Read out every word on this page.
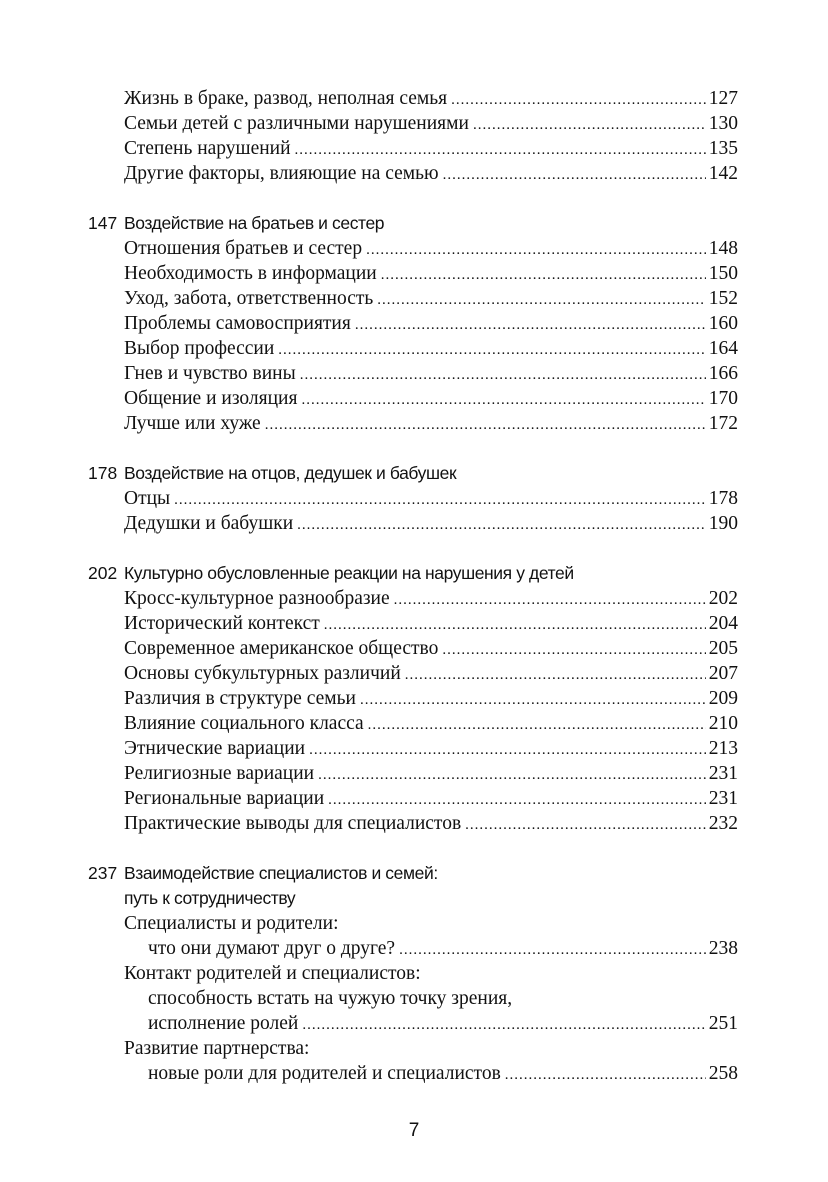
Жизнь в браке, развод, неполная семья .....	127
Семьи детей с различными нарушениями .....	130
Степень нарушений .....	135
Другие факторы, влияющие на семью .....	142
147 Воздействие на братьев и сестер
Отношения братьев и сестер .....	148
Необходимость в информации .....	150
Уход, забота, ответственность .....	152
Проблемы самовосприятия .....	160
Выбор профессии .....	164
Гнев и чувство вины .....	166
Общение и изоляция .....	170
Лучше или хуже .....	172
178 Воздействие на отцов, дедушек и бабушек
Отцы .....	178
Дедушки и бабушки .....	190
202 Культурно обусловленные реакции на нарушения у детей
Кросс-культурное разнообразие .....	202
Исторический контекст .....	204
Современное американское общество .....	205
Основы субкультурных различий .....	207
Различия в структуре семьи .....	209
Влияние социального класса .....	210
Этнические вариации .....	213
Религиозные вариации .....	231
Региональные вариации .....	231
Практические выводы для специалистов .....	232
237 Взаимодействие специалистов и семей:
путь к сотрудничеству
Специалисты и родители:
что они думают друг о друге? .....	238
Контакт родителей и специалистов:
способность встать на чужую точку зрения,
исполнение ролей .....	251
Развитие партнерства:
новые роли для родителей и специалистов .....	258
7
